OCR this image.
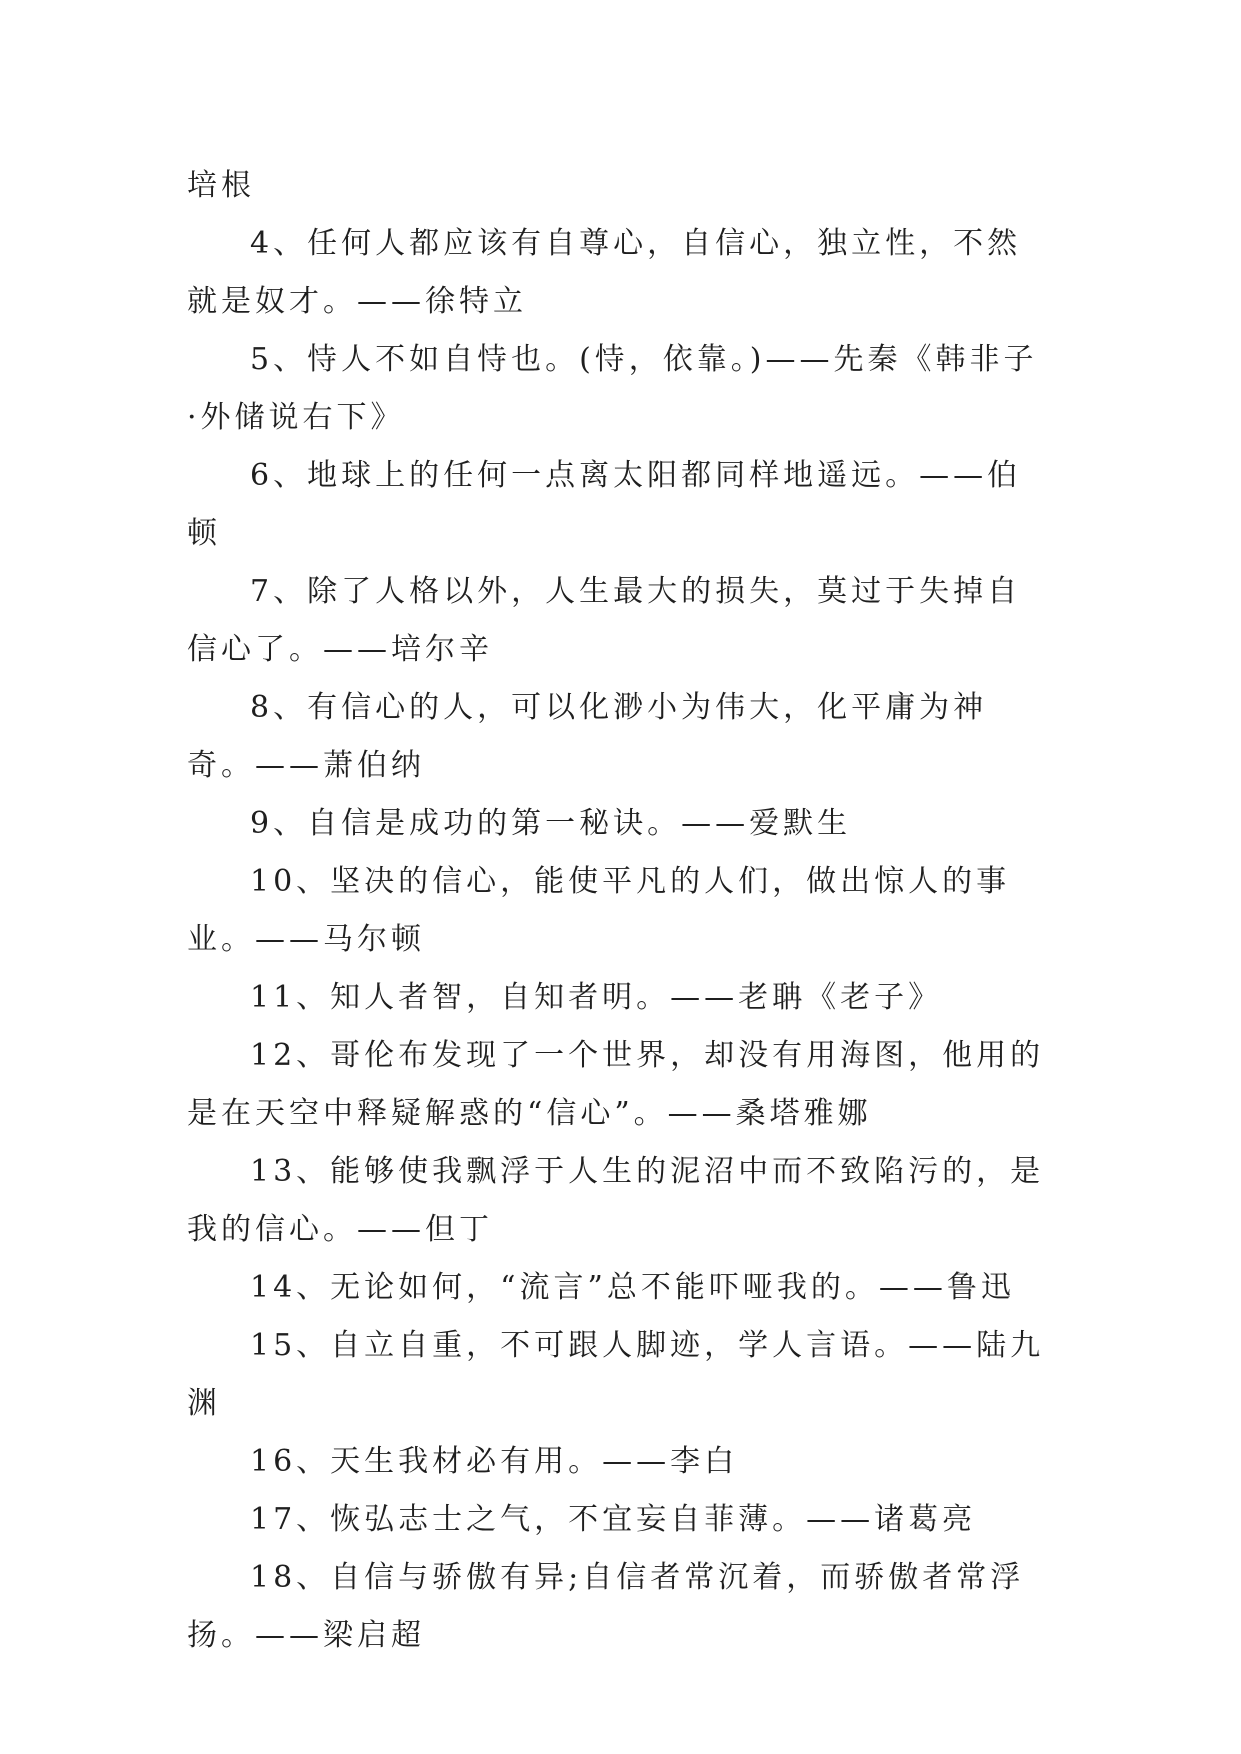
培根

4、任何人都应该有自尊心，自信心，独立性，不然就是奴才。——徐特立

5、恃人不如自恃也。(恃，依靠。)——先秦《韩非子·外储说右下》

6、地球上的任何一点离太阳都同样地遥远。——伯顿

7、除了人格以外，人生最大的损失，莫过于失掉自信心了。——培尔辛

8、有信心的人，可以化渺小为伟大，化平庸为神奇。——萧伯纳

9、自信是成功的第一秘诀。——爱默生

10、坚决的信心，能使平凡的人们，做出惊人的事业。——马尔顿

11、知人者智，自知者明。——老聃《老子》

12、哥伦布发现了一个世界，却没有用海图，他用的是在天空中释疑解惑的“信心”。——桑塔雅娜

13、能够使我飘浮于人生的泥沼中而不致陷污的，是我的信心。——但丁

14、无论如何，“流言”总不能吓哑我的。——鲁迅

15、自立自重，不可跟人脚迹，学人言语。——陆九渊

16、天生我材必有用。——李白

17、恢弘志士之气，不宜妄自菲薄。——诸葛亮

18、自信与骄傲有异;自信者常沉着，而骄傲者常浮扬。——梁启超
